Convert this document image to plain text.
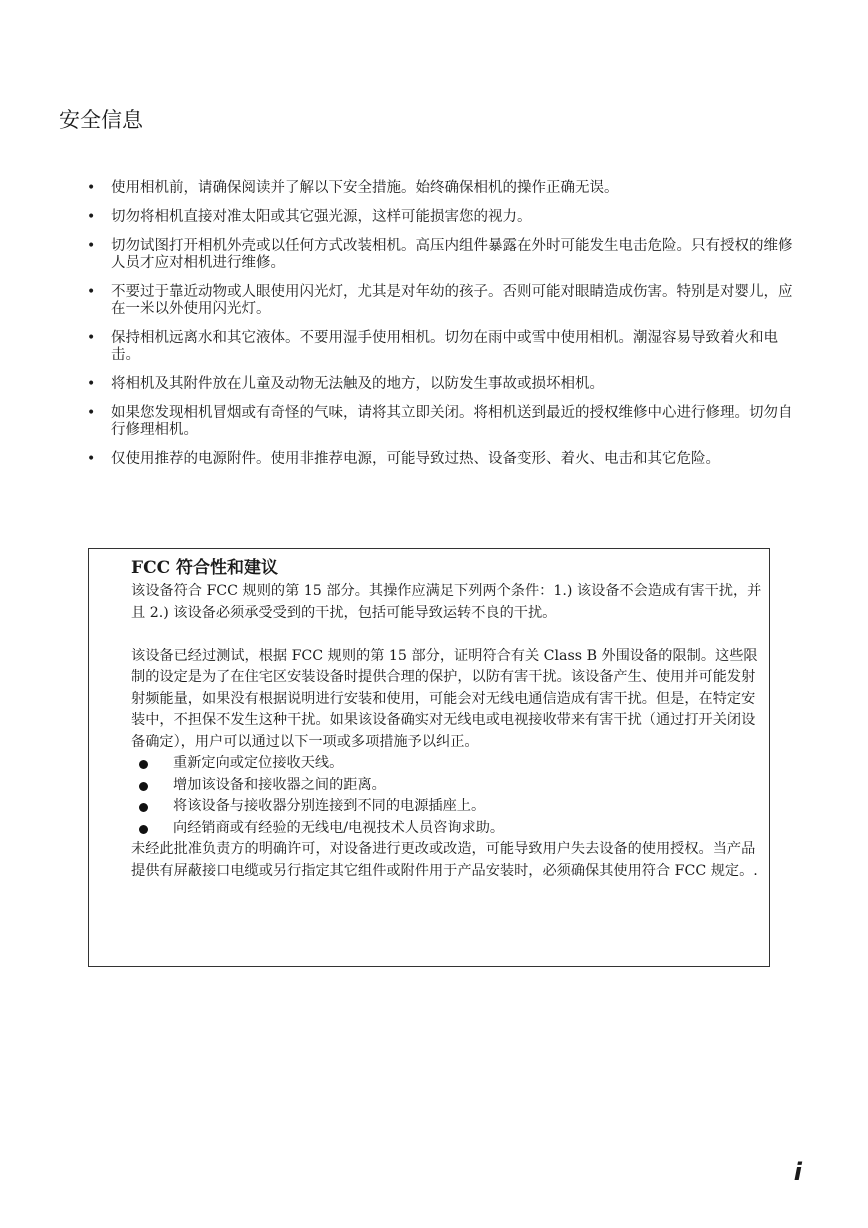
安全信息
• 使用相机前，请确保阅读并了解以下安全措施。始终确保相机的操作正确无误。
• 切勿将相机直接对准太阳或其它强光源，这样可能损害您的视力。
• 切勿试图打开相机外壳或以任何方式改装相机。高压内组件暴露在外时可能发生电击危险。只有授权的维修人员才应对相机进行维修。
• 不要过于靠近动物或人眼使用闪光灯，尤其是对年幼的孩子。否则可能对眼睛造成伤害。特别是对婴儿，应在一米以外使用闪光灯。
• 保持相机远离水和其它液体。不要用湿手使用相机。切勿在雨中或雪中使用相机。潮湿容易导致着火和电击。
• 将相机及其附件放在儿童及动物无法触及的地方，以防发生事故或损坏相机。
• 如果您发现相机冒烟或有奇怪的气味，请将其立即关闭。将相机送到最近的授权维修中心进行修理。切勿自行修理相机。
• 仅使用推荐的电源附件。使用非推荐电源，可能导致过热、设备变形、着火、电击和其它危险。
FCC 符合性和建议

该设备符合 FCC 规则的第 15 部分。其操作应满足下列两个条件：1.) 该设备不会造成有害干扰，并且 2.) 该设备必须承受受到的干扰，包括可能导致运转不良的干扰。

该设备已经过测试，根据 FCC 规则的第 15 部分，证明符合有关 Class B 外围设备的限制。这些限制的设定是为了在住宅区安装设备时提供合理的保护，以防有害干扰。该设备产生、使用并可能发射射频能量，如果没有根据说明进行安装和使用，可能会对无线电通信造成有害干扰。但是，在特定安装中，不担保不发生这种干扰。如果该设备确实对无线电或电视接收带来有害干扰（通过打开关闭设备确定），用户可以通过以下一项或多项措施予以纠正。

重新定向或定位接收天线。
增加该设备和接收器之间的距离。
将该设备与接收器分别连接到不同的电源插座上。
向经销商或有经验的无线电/电视技术人员咨询求助。

未经此批准负责方的明确许可，对设备进行更改或改造，可能导致用户失去设备的使用授权。当产品提供有屏蔽接口电缆或另行指定其它组件或附件用于产品安装时，必须确保其使用符合 FCC 规定。.

i
